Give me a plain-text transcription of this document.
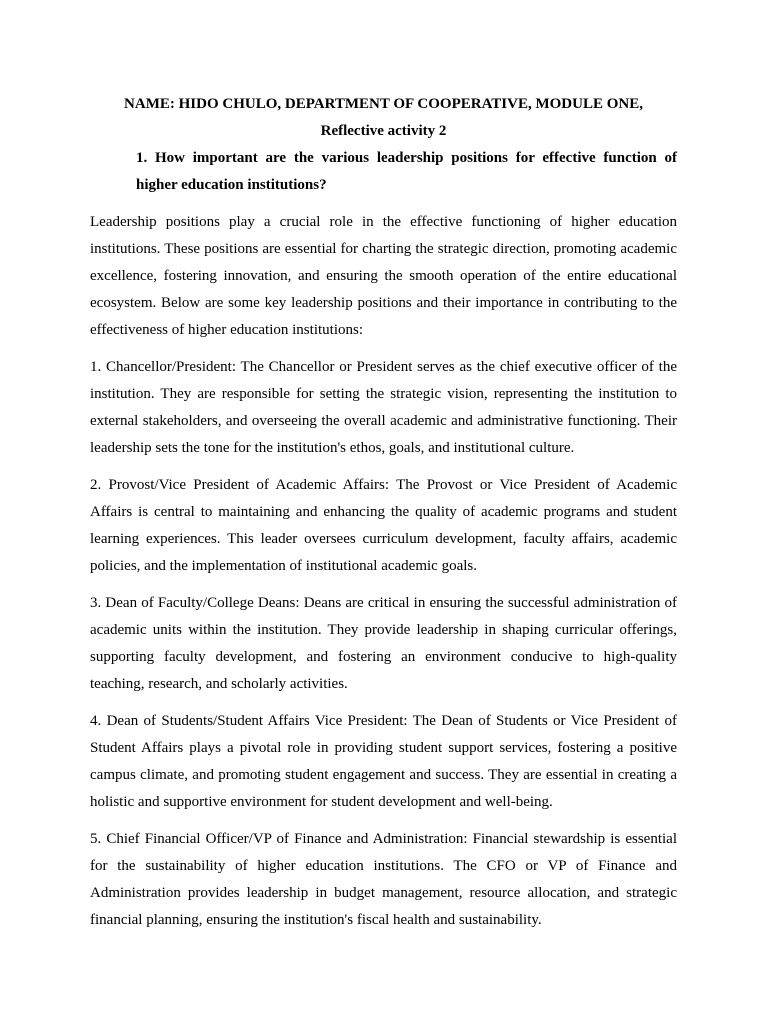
NAME: HIDO CHULO, DEPARTMENT OF COOPERATIVE, MODULE ONE,

Reflective activity 2

1. How important are the various leadership positions for effective function of higher education institutions?

Leadership positions play a crucial role in the effective functioning of higher education institutions. These positions are essential for charting the strategic direction, promoting academic excellence, fostering innovation, and ensuring the smooth operation of the entire educational ecosystem. Below are some key leadership positions and their importance in contributing to the effectiveness of higher education institutions:

1. Chancellor/President: The Chancellor or President serves as the chief executive officer of the institution. They are responsible for setting the strategic vision, representing the institution to external stakeholders, and overseeing the overall academic and administrative functioning. Their leadership sets the tone for the institution's ethos, goals, and institutional culture.

2. Provost/Vice President of Academic Affairs: The Provost or Vice President of Academic Affairs is central to maintaining and enhancing the quality of academic programs and student learning experiences. This leader oversees curriculum development, faculty affairs, academic policies, and the implementation of institutional academic goals.

3. Dean of Faculty/College Deans: Deans are critical in ensuring the successful administration of academic units within the institution. They provide leadership in shaping curricular offerings, supporting faculty development, and fostering an environment conducive to high-quality teaching, research, and scholarly activities.

4. Dean of Students/Student Affairs Vice President: The Dean of Students or Vice President of Student Affairs plays a pivotal role in providing student support services, fostering a positive campus climate, and promoting student engagement and success. They are essential in creating a holistic and supportive environment for student development and well-being.

5. Chief Financial Officer/VP of Finance and Administration: Financial stewardship is essential for the sustainability of higher education institutions. The CFO or VP of Finance and Administration provides leadership in budget management, resource allocation, and strategic financial planning, ensuring the institution's fiscal health and sustainability.
